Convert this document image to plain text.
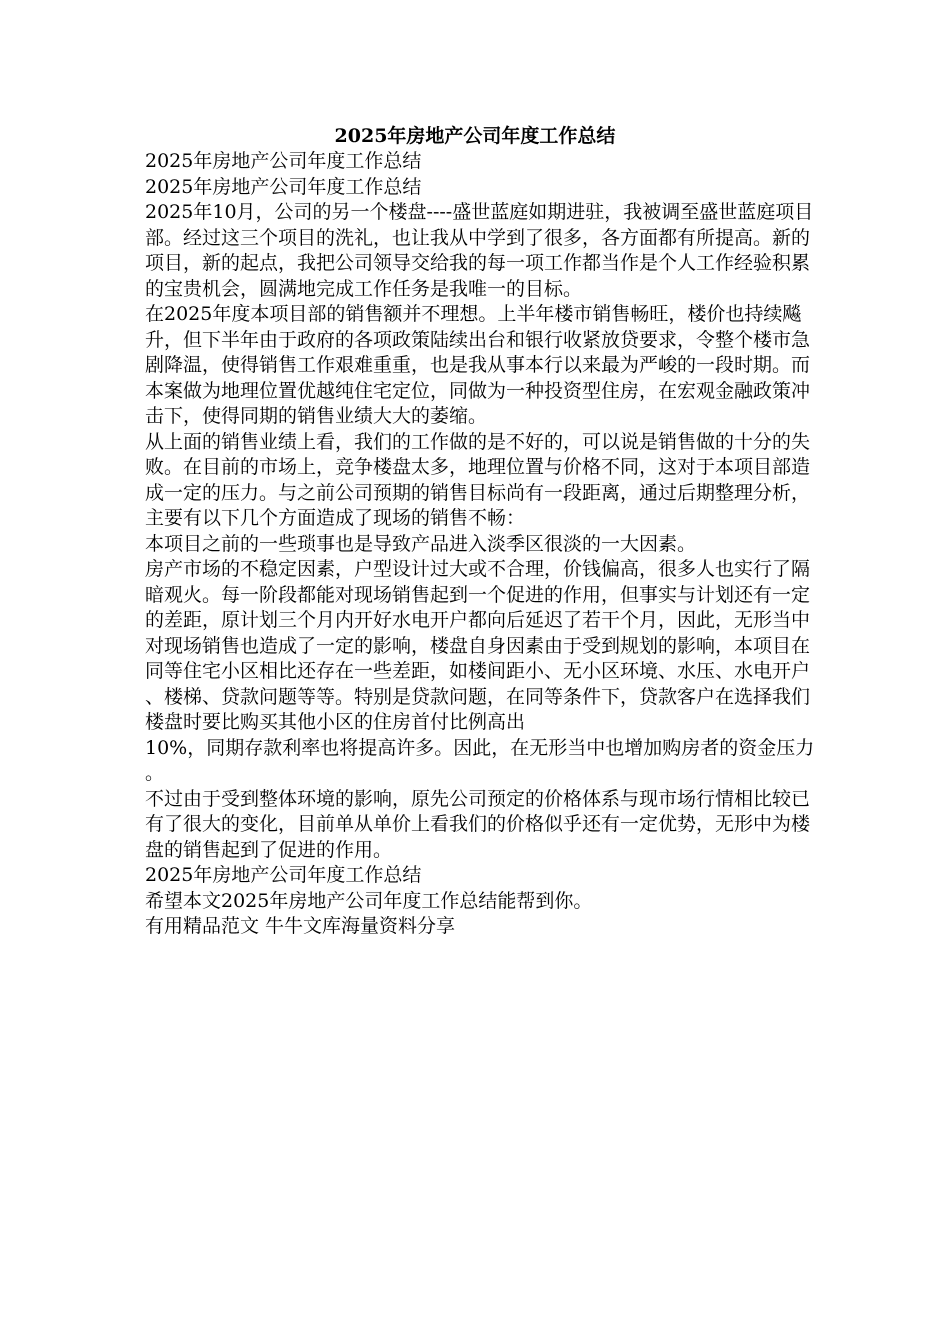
2025年房地产公司年度工作总结

2025年房地产公司年度工作总结

2025年房地产公司年度工作总结

2025年10月，公司的另一个楼盘----盛世蓝庭如期进驻，我被调至盛世蓝庭项目部。经过这三个项目的洗礼，也让我从中学到了很多，各方面都有所提高。新的项目，新的起点，我把公司领导交给我的每一项工作都当作是个人工作经验积累的宝贵机会，圆满地完成工作任务是我唯一的目标。

在2025年度本项目部的销售额并不理想。上半年楼市销售畅旺，楼价也持续飚升，但下半年由于政府的各项政策陆续出台和银行收紧放贷要求，令整个楼市急剧降温，使得销售工作艰难重重，也是我从事本行以来最为严峻的一段时期。而本案做为地理位置优越纯住宅定位，同做为一种投资型住房，在宏观金融政策冲击下，使得同期的销售业绩大大的萎缩。

从上面的销售业绩上看，我们的工作做的是不好的，可以说是销售做的十分的失败。在目前的市场上，竞争楼盘太多，地理位置与价格不同，这对于本项目部造成一定的压力。与之前公司预期的销售目标尚有一段距离，通过后期整理分析，主要有以下几个方面造成了现场的销售不畅：

本项目之前的一些琐事也是导致产品进入淡季区很淡的一大因素。

房产市场的不稳定因素，户型设计过大或不合理，价钱偏高，很多人也实行了隔暗观火。每一阶段都能对现场销售起到一个促进的作用，但事实与计划还有一定的差距，原计划三个月内开好水电开户都向后延迟了若干个月，因此，无形当中对现场销售也造成了一定的影响，楼盘自身因素由于受到规划的影响，本项目在同等住宅小区相比还存在一些差距，如楼间距小、无小区环境、水压、水电开户、楼梯、贷款问题等等。特别是贷款问题，在同等条件下，贷款客户在选择我们楼盘时要比购买其他小区的住房首付比例高出

10%，同期存款利率也将提高许多。因此，在无形当中也增加购房者的资金压力。

不过由于受到整体环境的影响，原先公司预定的价格体系与现市场行情相比较已有了很大的变化，目前单从单价上看我们的价格似乎还有一定优势，无形中为楼盘的销售起到了促进的作用。

2025年房地产公司年度工作总结

希望本文2025年房地产公司年度工作总结能帮到你。

有用精品范文 牛牛文库海量资料分享
